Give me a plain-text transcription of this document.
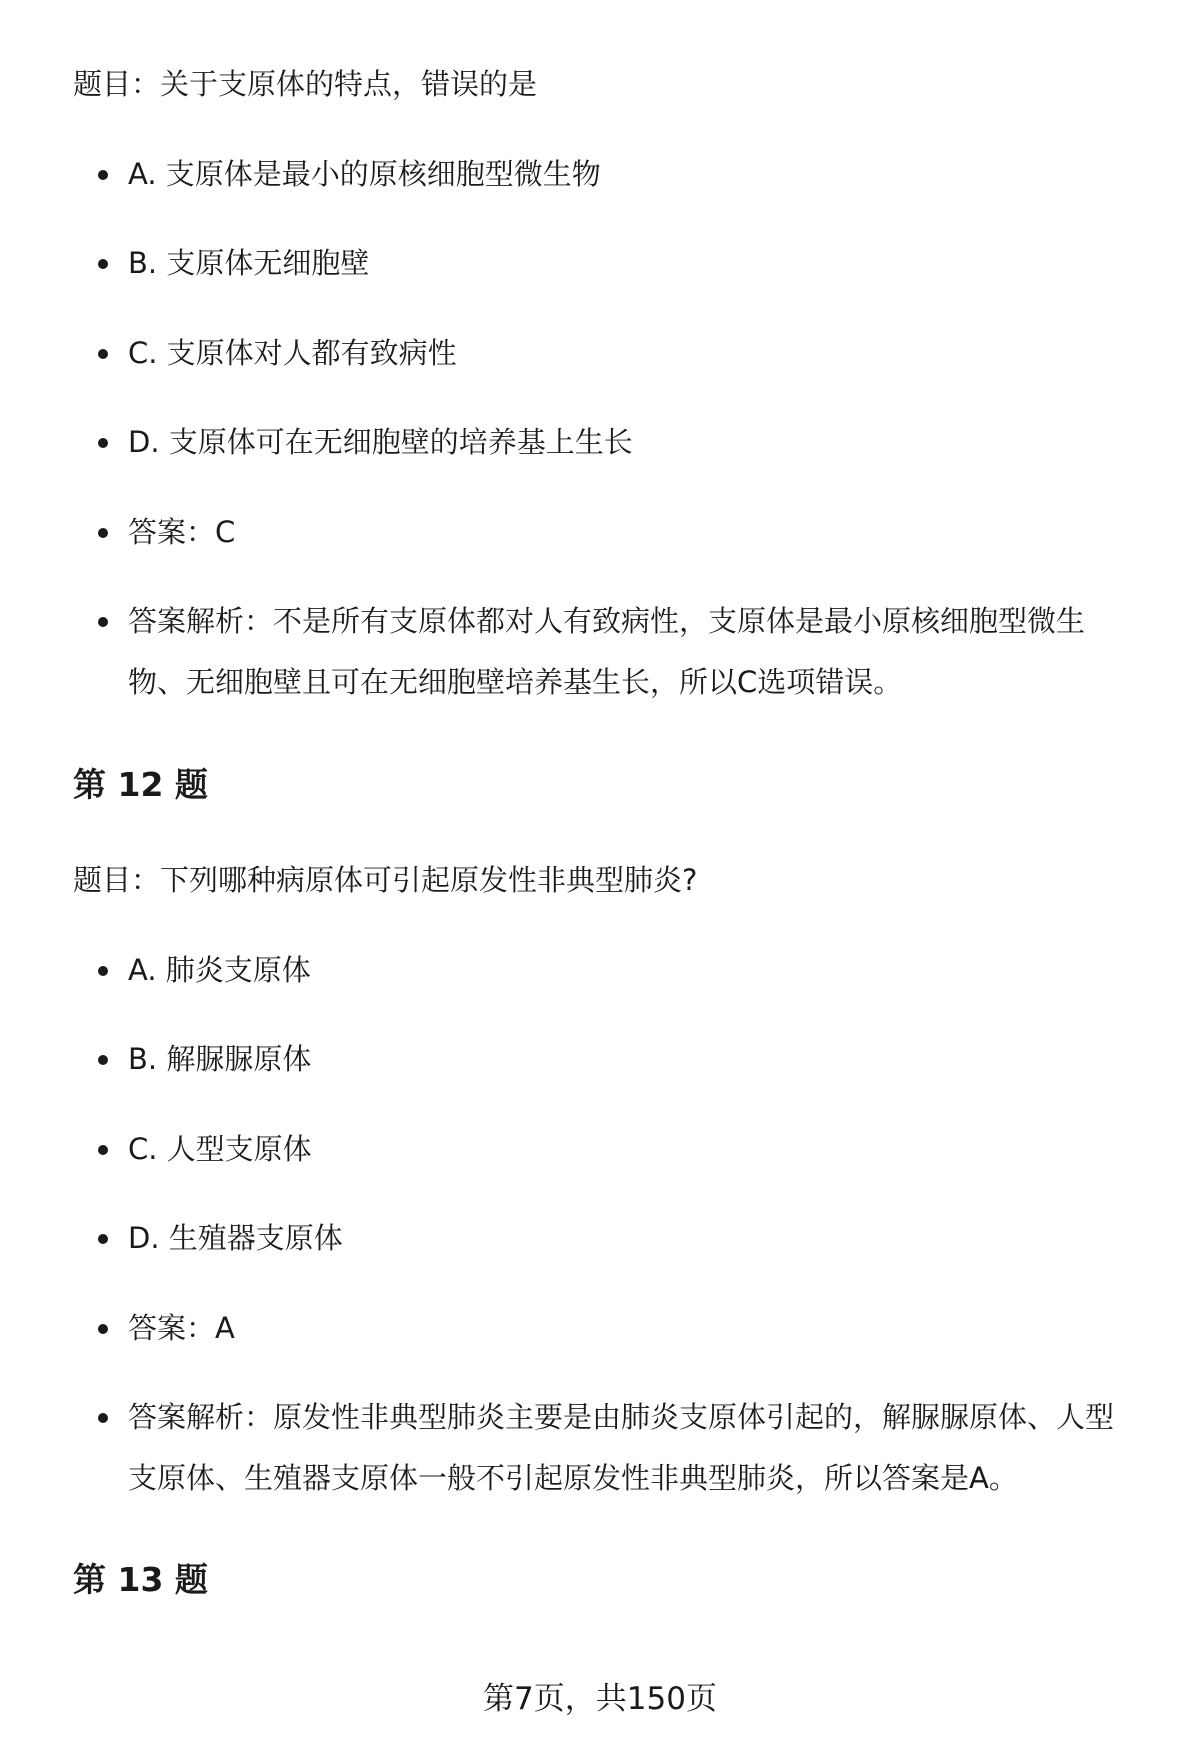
题目：关于支原体的特点，错误的是
A. 支原体是最小的原核细胞型微生物
B. 支原体无细胞壁
C. 支原体对人都有致病性
D. 支原体可在无细胞壁的培养基上生长
答案：C
答案解析：不是所有支原体都对人有致病性，支原体是最小原核细胞型微生物、无细胞壁且可在无细胞壁培养基生长，所以C选项错误。
第 12 题
题目：下列哪种病原体可引起原发性非典型肺炎?
A. 肺炎支原体
B. 解脲脲原体
C. 人型支原体
D. 生殖器支原体
答案：A
答案解析：原发性非典型肺炎主要是由肺炎支原体引起的，解脲脲原体、人型支原体、生殖器支原体一般不引起原发性非典型肺炎，所以答案是A。
第 13 题
第7页，共150页
